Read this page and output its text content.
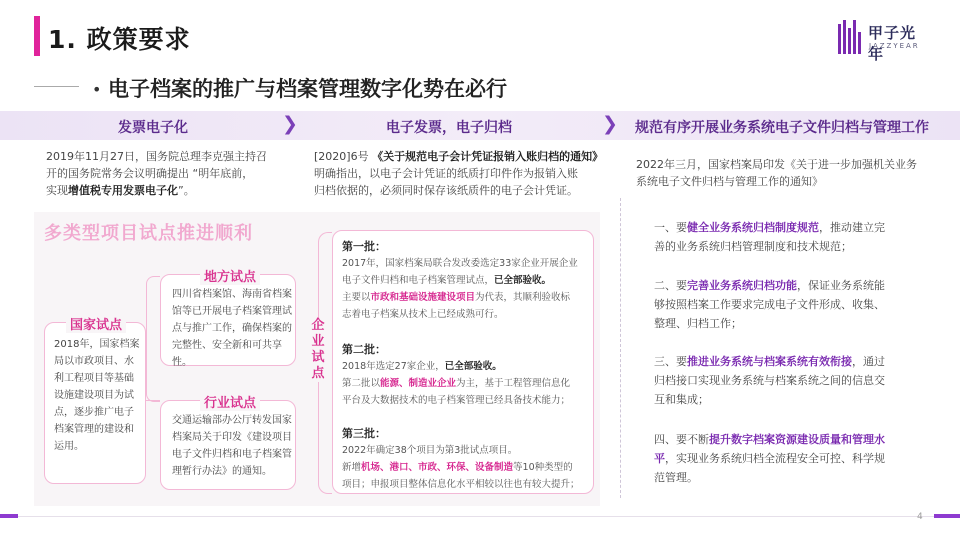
1. 政策要求	甲子光年
JAZZYEAR
• 电子档案的推广与档案管理数字化势在必行
发票电子化	❯	电子发票，电子归档	❯ 规范有序开展业务系统电子文件归档与管理工作
2019年11月27日，国务院总理李克强主持召
开的国务院常务会议明确提出 “明年底前，
实现增值税专用发票电子化”。
[2020]6号 《关于规范电子会计凭证报销入账归档的通知》
明确指出，以电子会计凭证的纸质打印件作为报销入账
归档依据的，必须同时保存该纸质件的电子会计凭证。
多类型项目试点推进顺利
国家试点
2018年，国家档案
局以市政项目、水
利工程项目等基础
设施建设项目为试
点，逐步推广电子
档案管理的建设和
运用。
地方试点
四川省档案馆、海南省档案
馆等已开展电子档案管理试
点与推广工作，确保档案的
完整性、安全新和可共享性。
行业试点
交通运输部办公厅转发国家
档案局关于印发《建设项目
电子文件归档和电子档案管
理暂行办法》的通知。
企
业
试
点
第一批：
2017年，国家档案局联合发改委选定33家企业开展企业
电子文件归档和电子档案管理试点，已全部验收。
主要以市政和基础设施建设项目为代表，其顺利验收标
志着电子档案从技术上已经成熟可行。
第二批：
2018年选定27家企业，已全部验收。
第二批以能源、制造业企业为主，基于工程管理信息化
平台及大数据技术的电子档案管理已经具备技术能力；
第三批：
2022年确定38个项目为第3批试点项目。
新增机场、港口、市政、环保、设备制造等10种类型的
项目；申报项目整体信息化水平相较以往也有较大提升；
2022年三月，国家档案局印发《关于进一步加强机关业务
系统电子文件归档与管理工作的通知》
一、要健全业务系统归档制度规范，推动建立完
善的业务系统归档管理制度和技术规范；
二、要完善业务系统归档功能，保证业务系统能
够按照档案工作要求完成电子文件形成、收集、
整理、归档工作；
三、要推进业务系统与档案系统有效衔接，通过
归档接口实现业务系统与档案系统之间的信息交
互和集成；
四、要不断提升数字档案资源建设质量和管理水
平，实现业务系统归档全流程安全可控、科学规
范管理。
4
